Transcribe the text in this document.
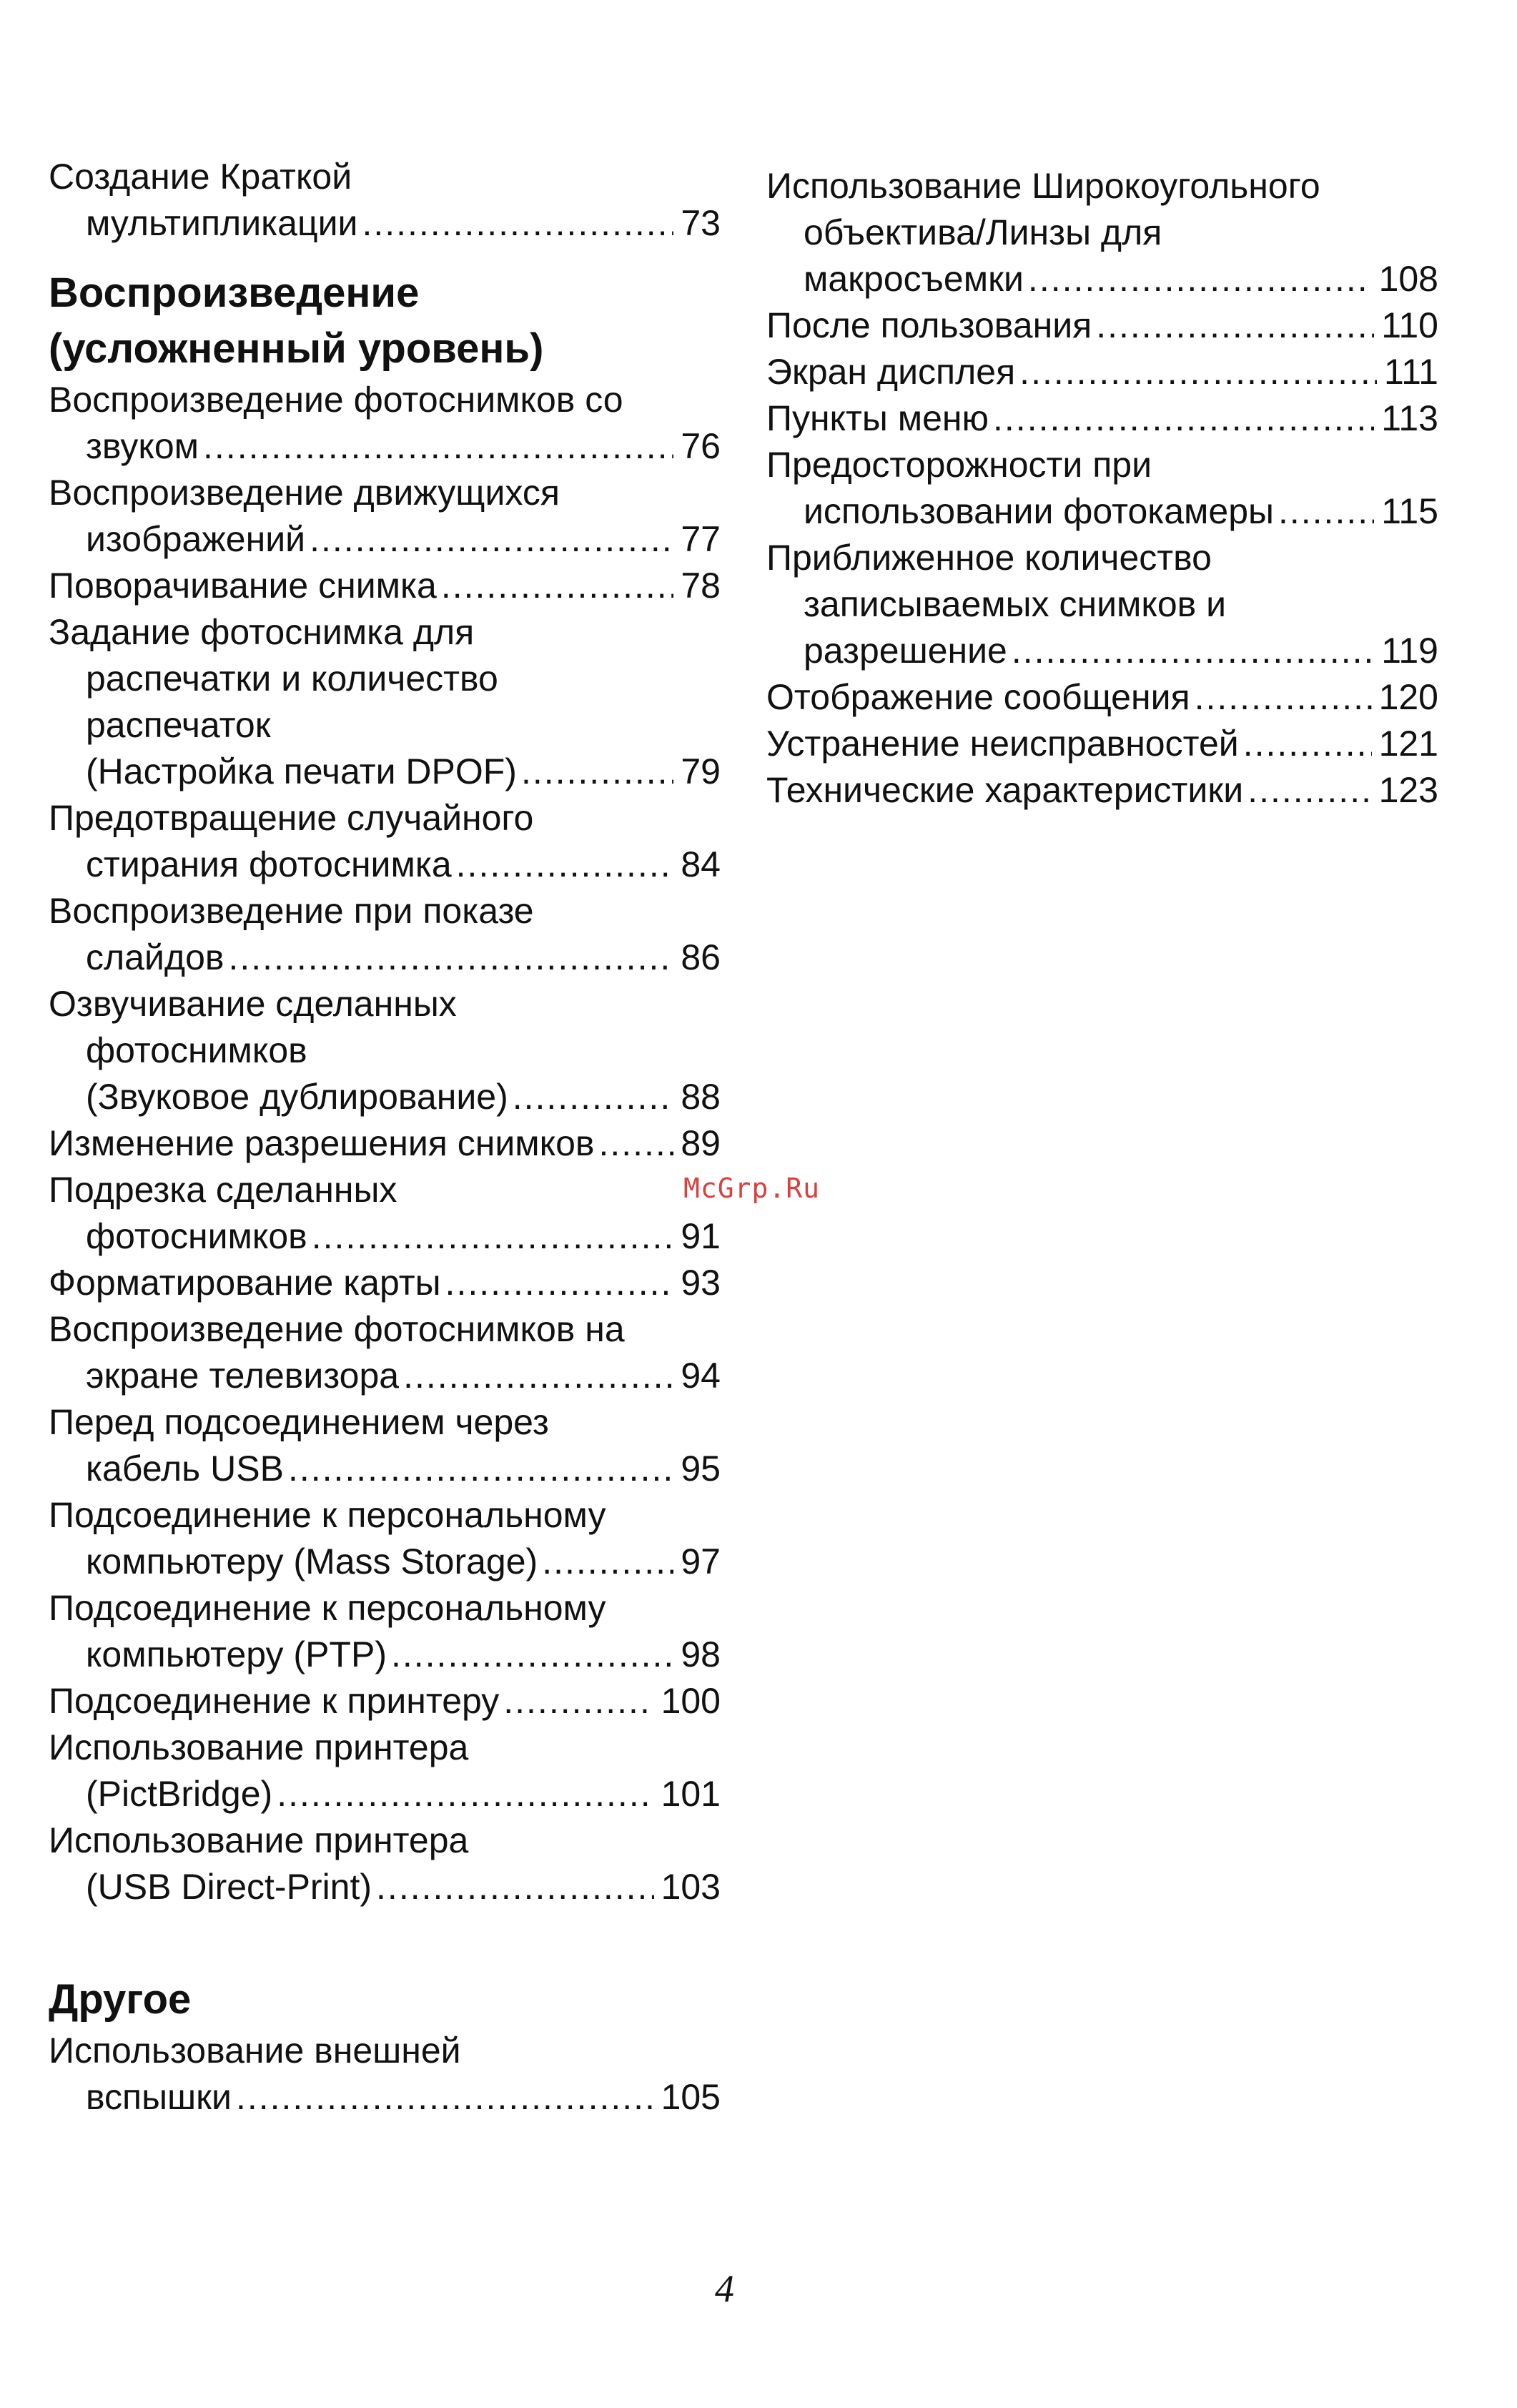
Создание Краткой
мультипликации .....	73
Воспроизведение
(усложненный уровень)
Воспроизведение фотоснимков со
звуком .....	76
Воспроизведение движущихся
изображений .....	77
Поворачивание снимка .....	78
Задание фотоснимка для
распечатки и количество
распечаток
(Настройка печати DPOF) .....	79
Предотвращение случайного
стирания фотоснимка .....	84
Воспроизведение при показе
слайдов .....	86
Озвучивание сделанных
фотоснимков
(Звуковое дублирование) .....	88
Изменение разрешения снимков ..... 89
Подрезка сделанных
фотоснимков .....	91
Форматирование карты .....	93
Воспроизведение фотоснимков на
экране телевизора .....	94
Перед подсоединением через
кабель USB .....	95
Подсоединение к персональному
компьютеру (Mass Storage) .....	97
Подсоединение к персональному
компьютеру (PTP) .....	98
Подсоединение к принтеру .....	100
Использование принтера
(PictBridge) .....	101
Использование принтера
(USB Direct-Print) .....	103
Другое
Использование внешней
вспышки .....	105
Использование Широкоугольного
объектива/Линзы для
макросъемки .....	108
После пользования .....	110
Экран дисплея .....	111
Пункты меню .....	113
Предосторожности при
использовании фотокамеры .....	115
Приближенное количество
записываемых снимков и
разрешение .....	119
Отображение сообщения .....	120
Устранение неисправностей .....	121
Технические характеристики .....	123
McGrp.Ru
4
